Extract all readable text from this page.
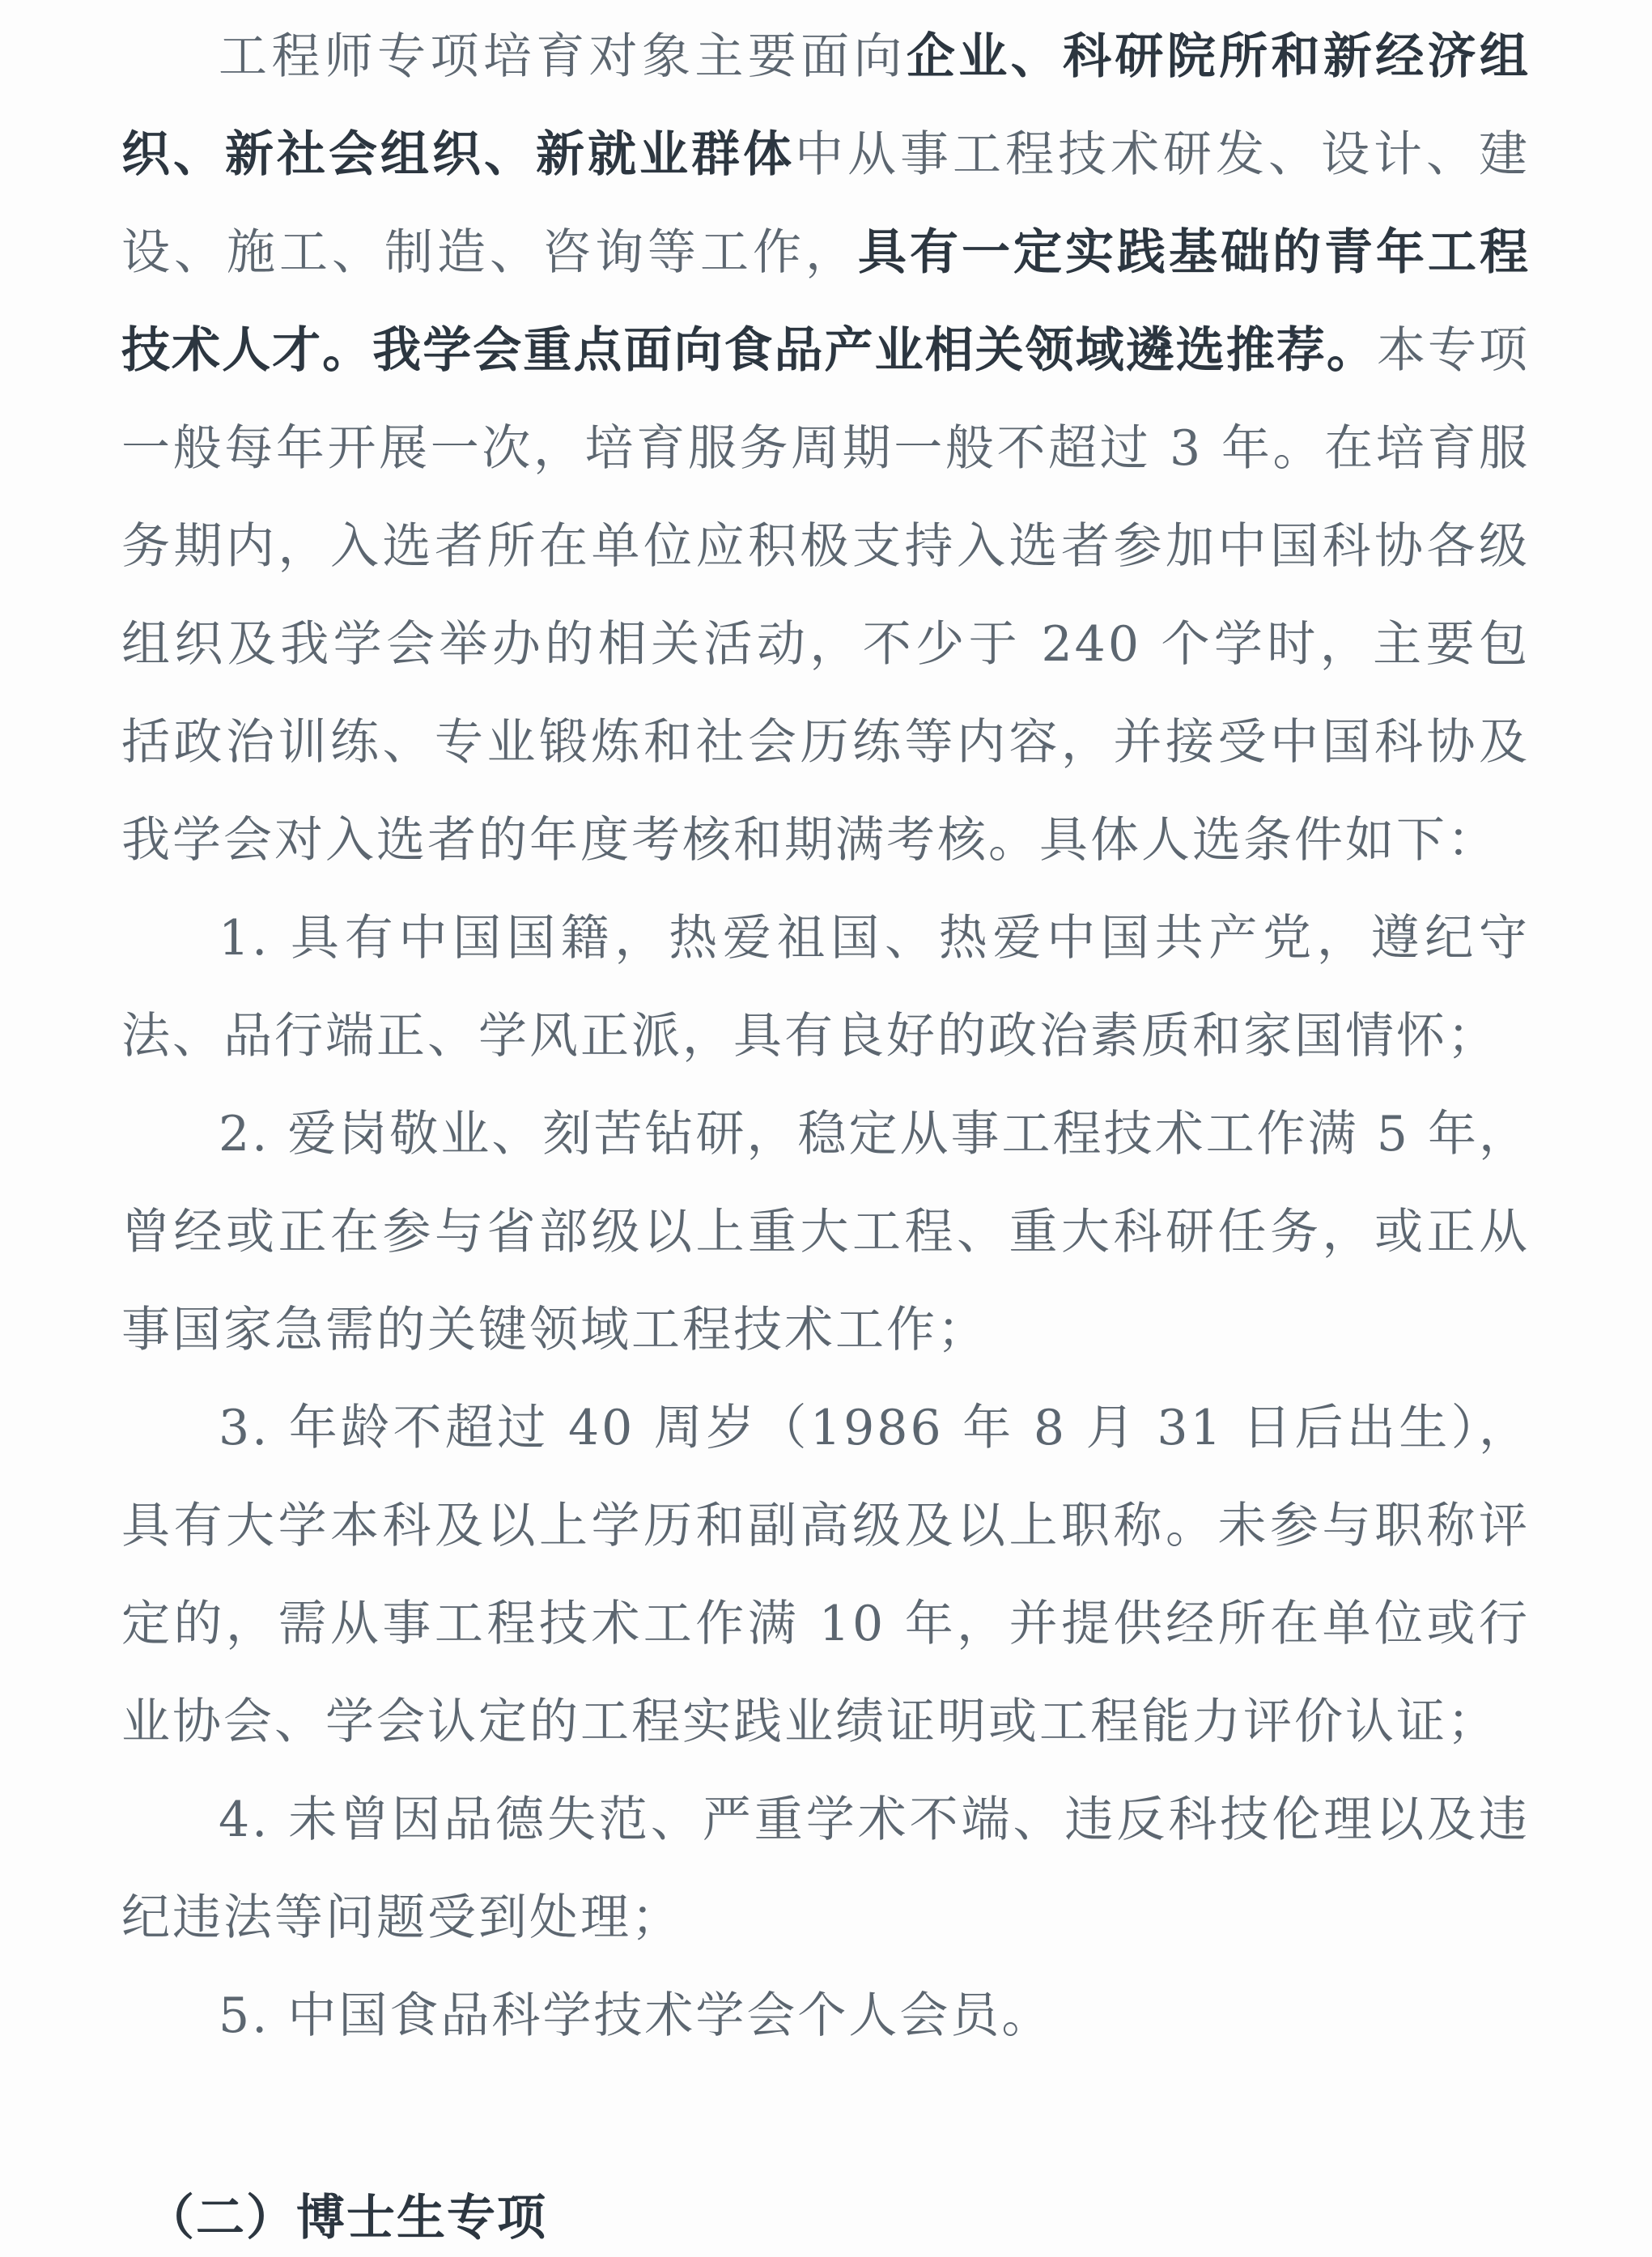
工程师专项培育对象主要面向企业、科研院所和新经济组织、新社会组织、新就业群体中从事工程技术研发、设计、建设、施工、制造、咨询等工作，具有一定实践基础的青年工程技术人才。我学会重点面向食品产业相关领域遴选推荐。本专项一般每年开展一次，培育服务周期一般不超过 3 年。在培育服务期内，入选者所在单位应积极支持入选者参加中国科协各级组织及我学会举办的相关活动，不少于 240 个学时，主要包括政治训练、专业锻炼和社会历练等内容，并接受中国科协及我学会对入选者的年度考核和期满考核。具体人选条件如下：

1. 具有中国国籍，热爱祖国、热爱中国共产党，遵纪守法、品行端正、学风正派，具有良好的政治素质和家国情怀；

2. 爱岗敬业、刻苦钻研，稳定从事工程技术工作满 5 年，曾经或正在参与省部级以上重大工程、重大科研任务，或正从事国家急需的关键领域工程技术工作；

3. 年龄不超过 40 周岁（1986 年 8 月 31 日后出生），具有大学本科及以上学历和副高级及以上职称。未参与职称评定的，需从事工程技术工作满 10 年，并提供经所在单位或行业协会、学会认定的工程实践业绩证明或工程能力评价认证；

4. 未曾因品德失范、严重学术不端、违反科技伦理以及违纪违法等问题受到处理；

5. 中国食品科学技术学会个人会员。

（二）博士生专项
